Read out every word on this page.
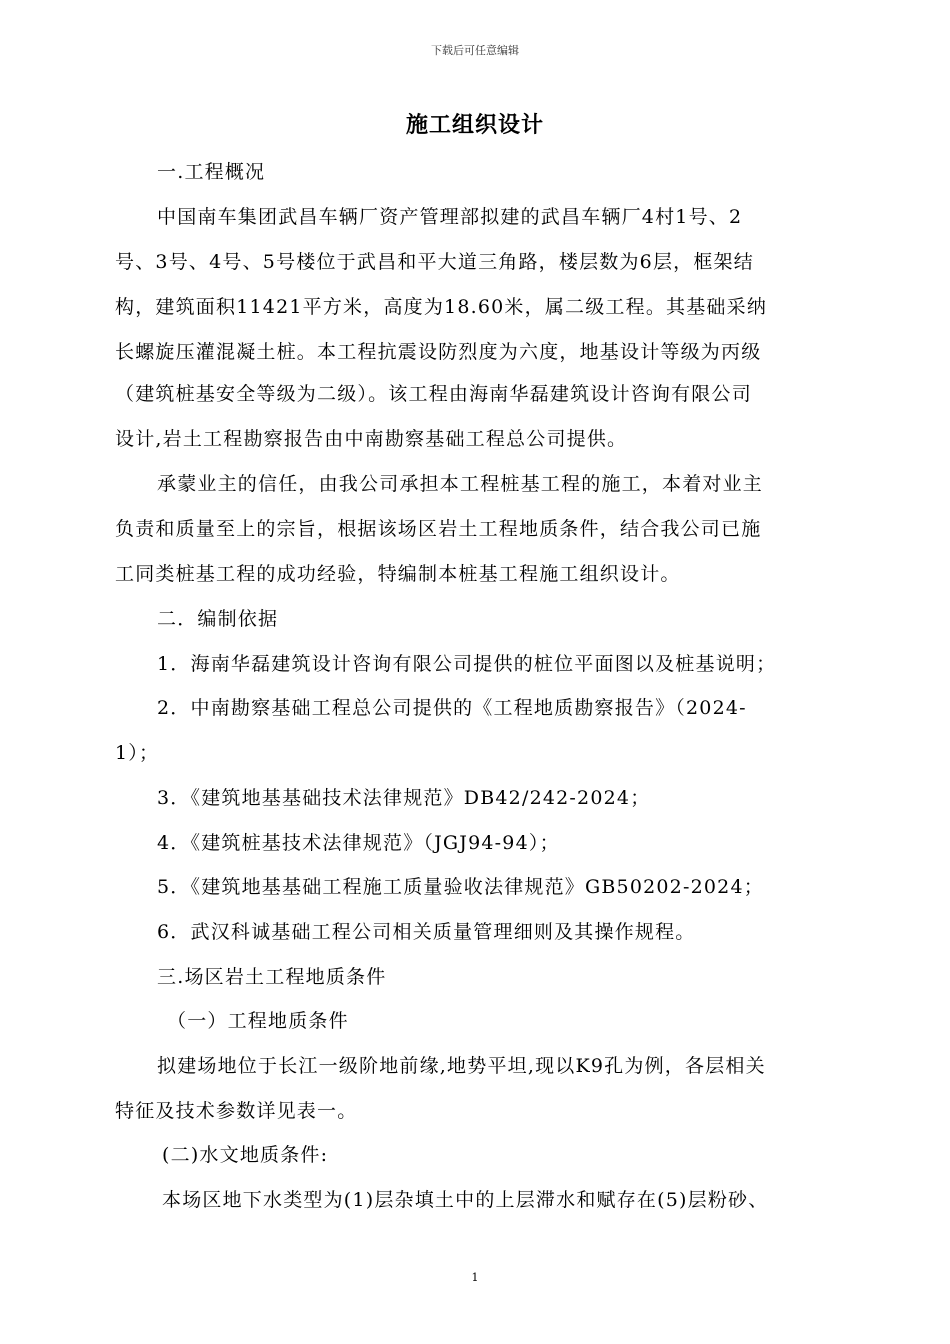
下载后可任意编辑
施工组织设计
一.工程概况
中国南车集团武昌车辆厂资产管理部拟建的武昌车辆厂4村1号、2
号、3号、4号、5号楼位于武昌和平大道三角路，楼层数为6层，框架结
构，建筑面积11421平方米，高度为18.60米，属二级工程。其基础采纳
长螺旋压灌混凝土桩。本工程抗震设防烈度为六度，地基设计等级为丙级
（建筑桩基安全等级为二级）。该工程由海南华磊建筑设计咨询有限公司
设计,岩土工程勘察报告由中南勘察基础工程总公司提供。
承蒙业主的信任，由我公司承担本工程桩基工程的施工，本着对业主
负责和质量至上的宗旨，根据该场区岩土工程地质条件，结合我公司已施
工同类桩基工程的成功经验，特编制本桩基工程施工组织设计。
二．编制依据
1．海南华磊建筑设计咨询有限公司提供的桩位平面图以及桩基说明；
2．中南勘察基础工程总公司提供的《工程地质勘察报告》（2024-
1）；
3．《建筑地基基础技术法律规范》DB42/242-2024；
4．《建筑桩基技术法律规范》（JGJ94-94）；
5．《建筑地基基础工程施工质量验收法律规范》GB50202-2024；
6．武汉科诚基础工程公司相关质量管理细则及其操作规程。
三.场区岩土工程地质条件
（一）工程地质条件
拟建场地位于长江一级阶地前缘,地势平坦,现以K9孔为例，各层相关
特征及技术参数详见表一。
(二)水文地质条件:
本场区地下水类型为(1)层杂填土中的上层滞水和赋存在(5)层粉砂、
1
